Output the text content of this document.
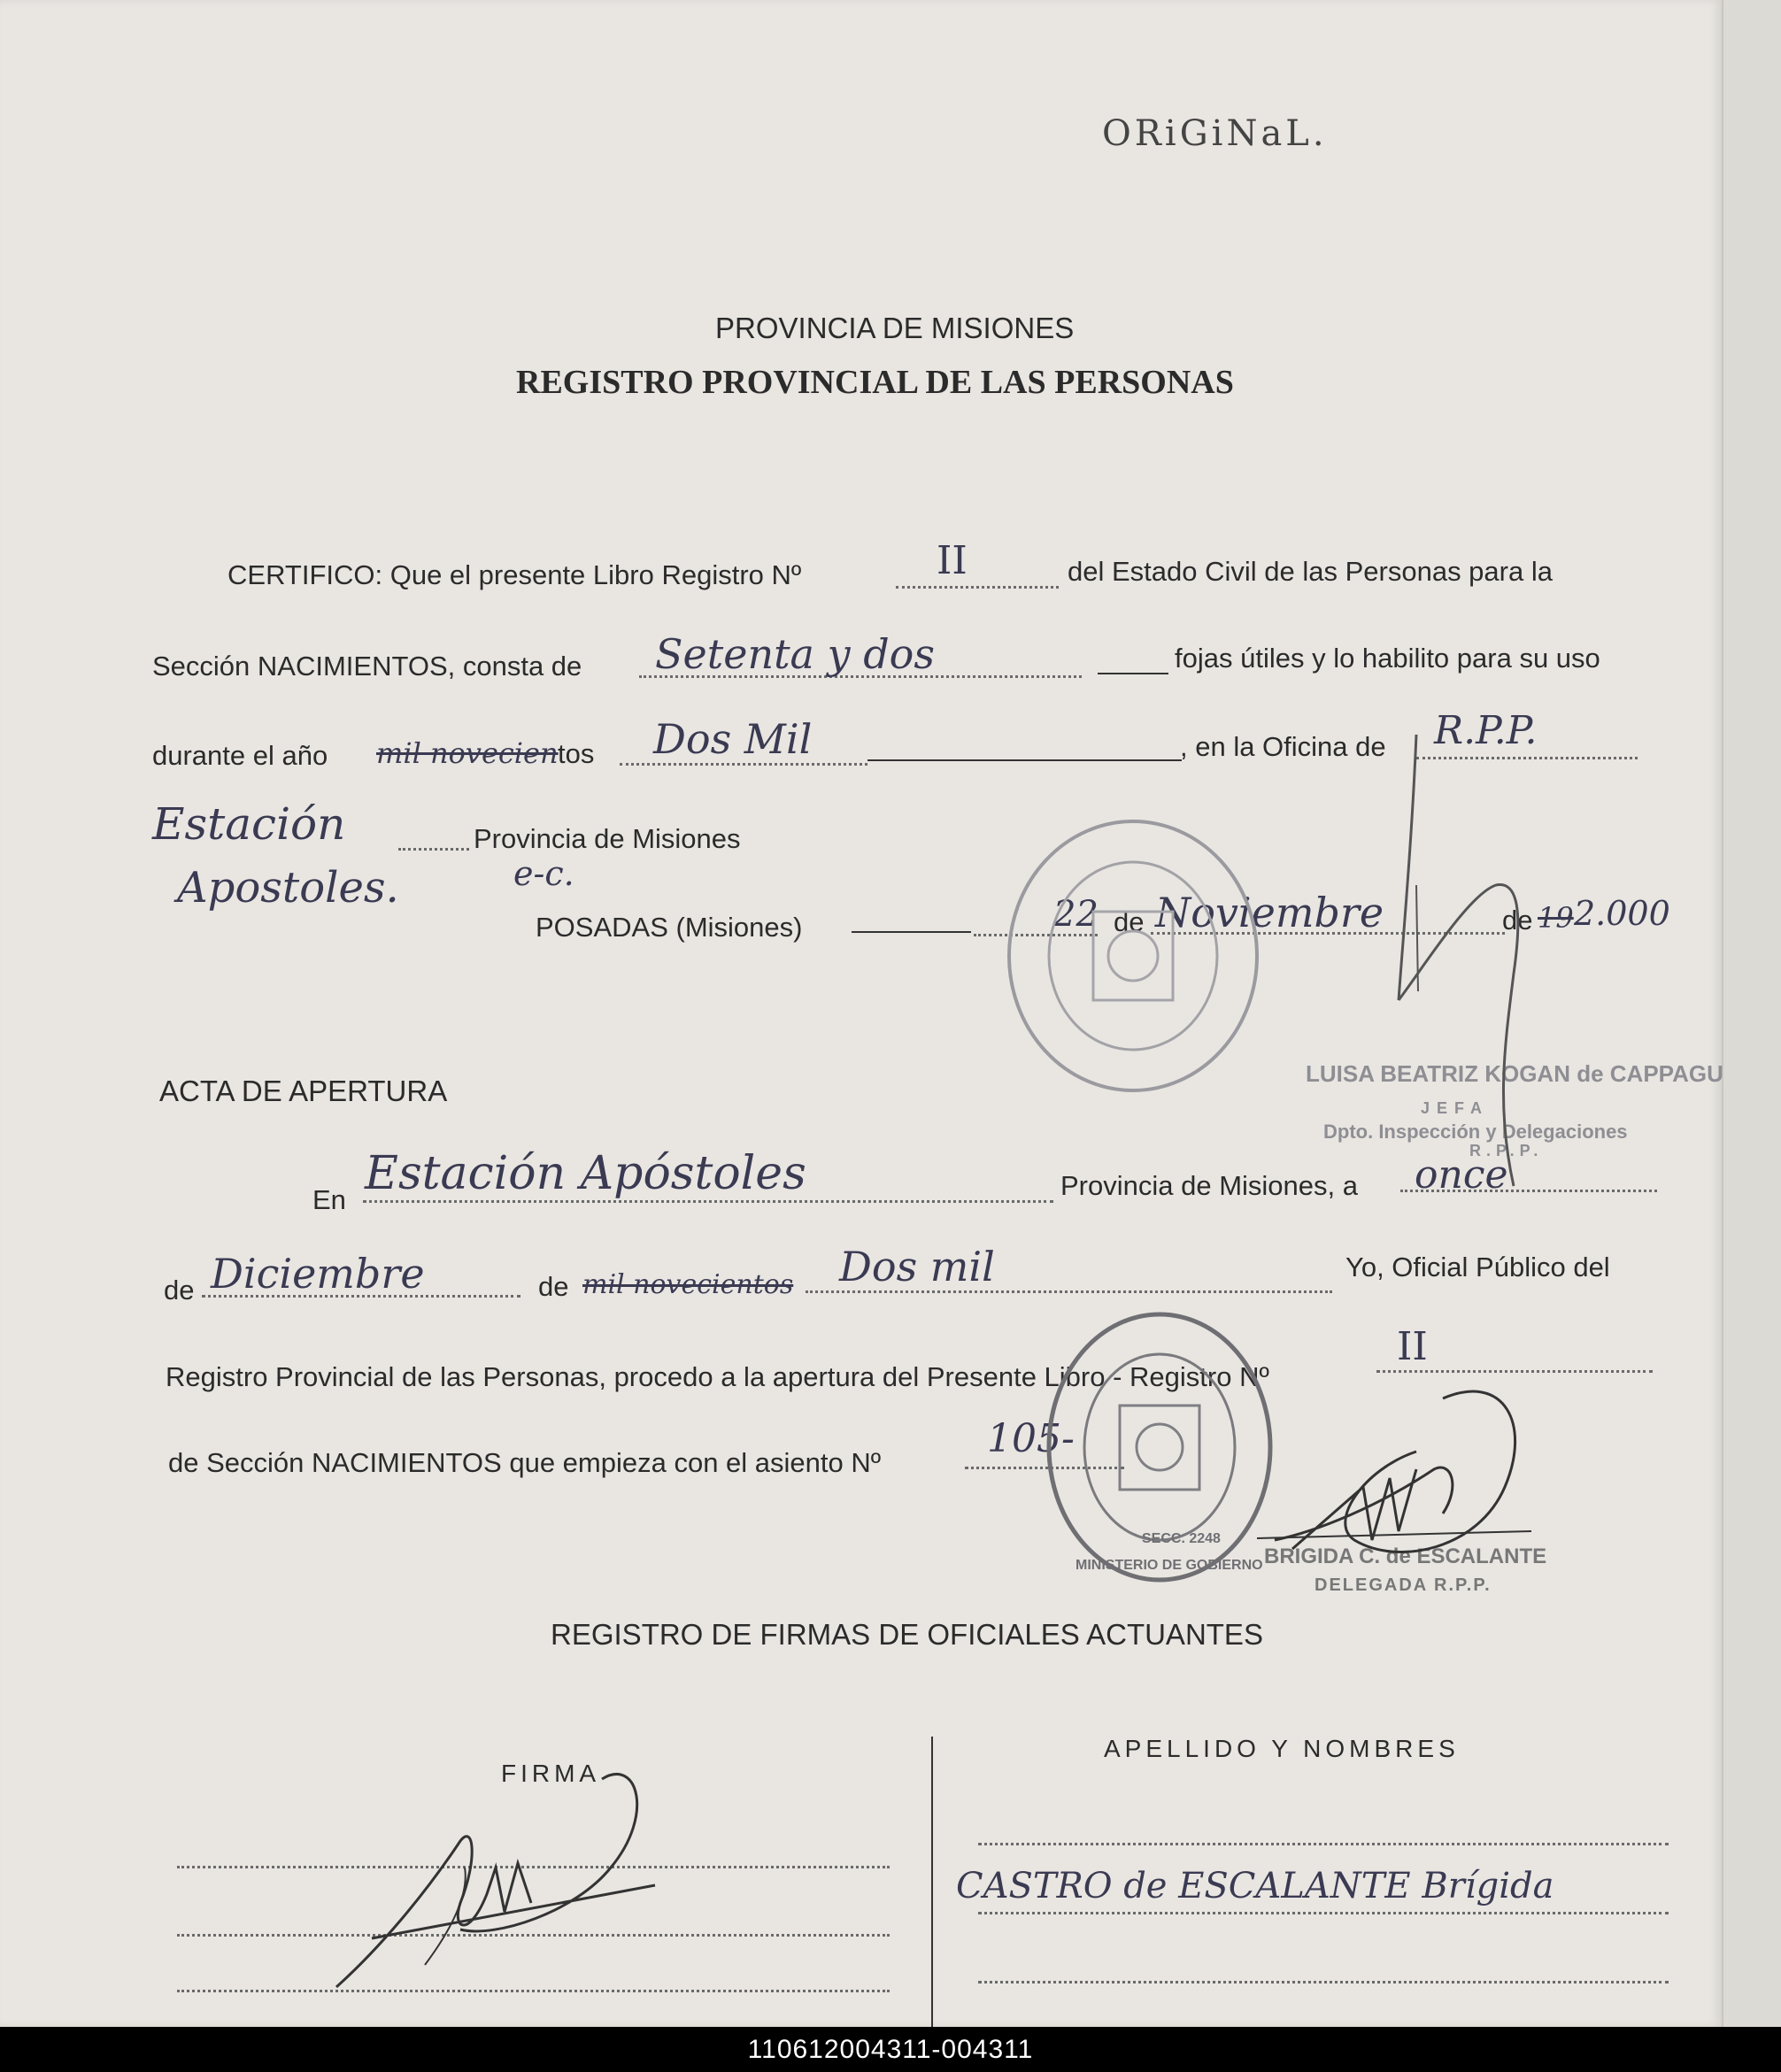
ORiGiNaL.
PROVINCIA DE MISIONES
REGISTRO PROVINCIAL DE LAS PERSONAS
CERTIFICO: Que el presente Libro Registro Nº	II	del Estado Civil de las Personas para la
Sección NACIMIENTOS, consta de Setenta y dos	fojas útiles y lo habilito para su uso
durante el año mil novecien tos Dos Mil	, en la Oficina de R.P.P.
Estación	Provincia de Misiones
Apostoles.	e-c.
POSADAS (Misiones)	22 de Noviembre	de 19 2.000
LUISA BEATRIZ KOGAN de CAPPAGU
JEFA
Dpto. Inspección y Delegaciones
R.P.P.
ACTA DE APERTURA
En Estación Apóstoles	Provincia de Misiones, a once
de Diciembre	de mil novecientos Dos mil	Yo, Oficial Público del
Registro Provincial de las Personas, procedo a la apertura del Presente Libro - Registro Nº
II
de Sección NACIMIENTOS que empieza con el asiento Nº
105-
SECC. 2248
MINISTERIO DE GOBIERNO BRIGIDA C. de ESCALANTE
DELEGADA R.P.P.
REGISTRO DE FIRMAS DE OFICIALES ACTUANTES
FIRMA
APELLIDO Y NOMBRES
CASTRO de ESCALANTE Brígida
110612004311-004311
